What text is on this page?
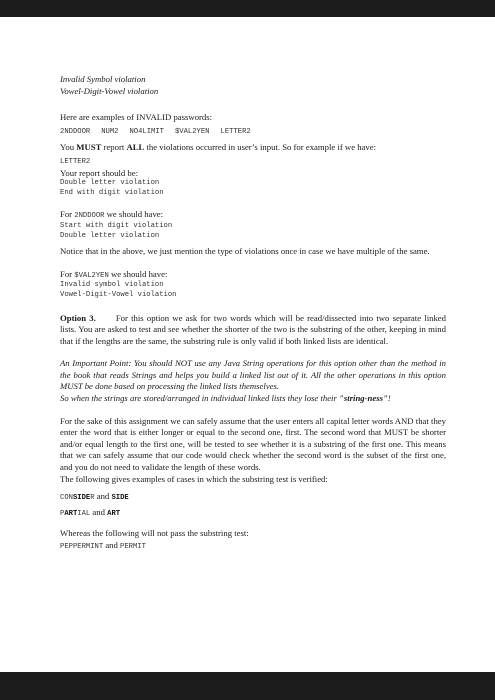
Invalid Symbol violation
Vowel-Digit-Vowel violation
Here are examples of INVALID passwords:
2NDDOOR NUM2 NO4LIMIT $VAL2YEN LETTER2
You MUST report ALL the violations occurred in user’s input. So for example if we have:
LETTER2
Your report should be:
Double letter violation
End with digit violation
For 2NDDOOR we should have:
Start with digit violation
Double letter violation
Notice that in the above, we just mention the type of violations once in case we have multiple of the same.
For $VAL2YEN we should have:
Invalid symbol violation
Vowel-Digit-Vowel violation
Option 3. For this option we ask for two words which will be read/dissected into two separate linked lists. You are asked to test and see whether the shorter of the two is the substring of the other, keeping in mind that if the lengths are the same, the substring rule is only valid if both linked lists are identical.
An Important Point: You should NOT use any Java String operations for this option other than the method in the book that reads Strings and helps you build a linked list out of it. All the other operations in this option MUST be done based on processing the linked lists themselves.
So when the strings are stored/arranged in individual linked lists they lose their "string-ness"!
For the sake of this assignment we can safely assume that the user enters all capital letter words AND that they enter the word that is either longer or equal to the second one, first. The second word that MUST be shorter and/or equal length to the first one, will be tested to see whether it is a substring of the first one. This means that we can safely assume that our code would check whether the second word is the subset of the first one, and you do not need to validate the length of these words.
The following gives examples of cases in which the substring test is verified:
CONSIDER and SIDE
PARTIAL and ART
Whereas the following will not pass the substring test:
PEPPERMINT and PERMIT
